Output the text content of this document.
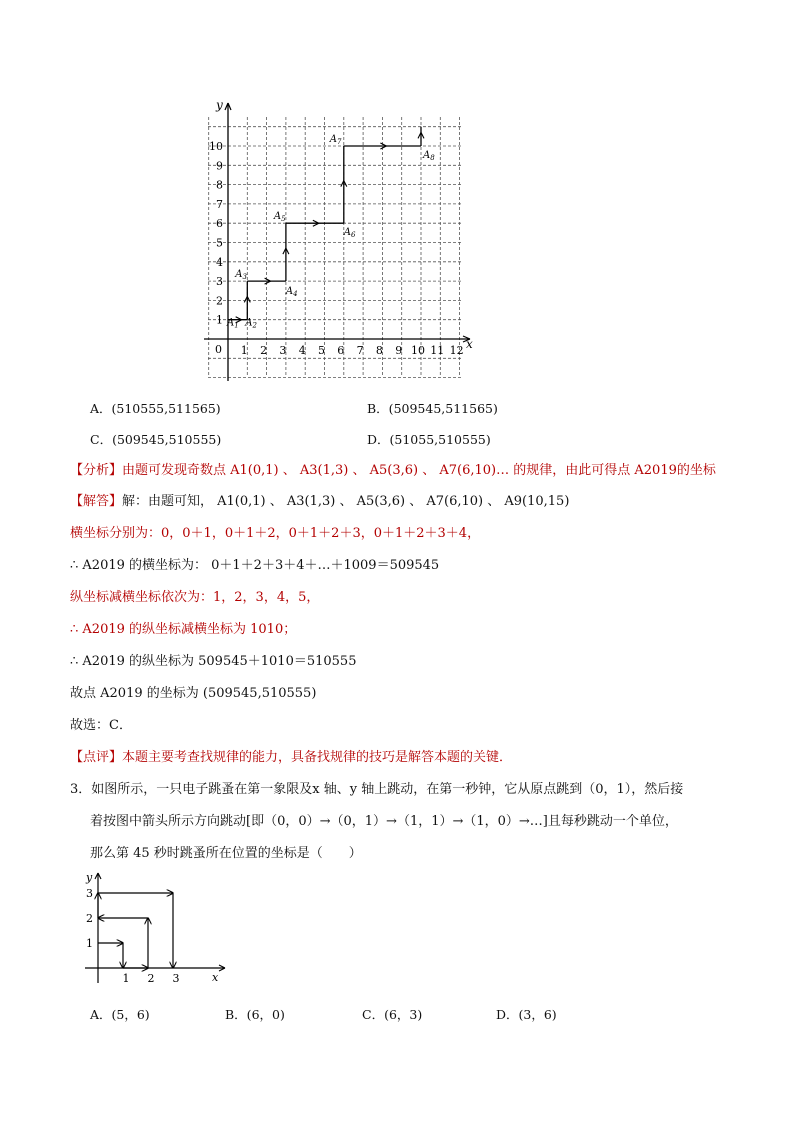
y
x
0
1
2
3
4
5
6
7
8
9
10
1 2 3 4 5 6 7 8 9 10 11 12
$A_1$ $A_2$
$A_3$
$A_4$
$A_5$
$A_6$
$A_7$
$A_8$
A．(510555,511565)	B．(509545,511565)
C．(509545,510555)	D．(51055,510555)
【分析】由题可发现奇数点 A1(0,1) 、 A3(1,3) 、 A5(3,6) 、 A7(6,10)… 的规律，由此可得点 A2019的坐标
【解答】解：由题可知， A1(0,1) 、 A3(1,3) 、 A5(3,6) 、 A7(6,10) 、 A9(10,15)
横坐标分别为：0，0＋1，0＋1＋2，0＋1＋2＋3，0＋1＋2＋3＋4，
∴ A2019 的横坐标为： 0＋1＋2＋3＋4＋…＋1009＝509545
纵坐标减横坐标依次为：1，2，3，4，5，
∴ A2019 的纵坐标减横坐标为 1010；
∴ A2019 的纵坐标为 509545＋1010＝510555
故点 A2019 的坐标为 (509545,510555)
故选：C．
【点评】本题主要考查找规律的能力，具备找规律的技巧是解答本题的关键．
3．如图所示，一只电子跳蚤在第一象限及x 轴、y 轴上跳动，在第一秒钟，它从原点跳到（0，1），然后接
着按图中箭头所示方向跳动[即（0，0）→（0，1）→（1，1）→（1，0）→…]且每秒跳动一个单位，
那么第 45 秒时跳蚤所在位置的坐标是（　　）
y
x
1
2
3
1 2 3
A．(5，6)	B．(6，0)	C．(6，3)	D．(3，6)
